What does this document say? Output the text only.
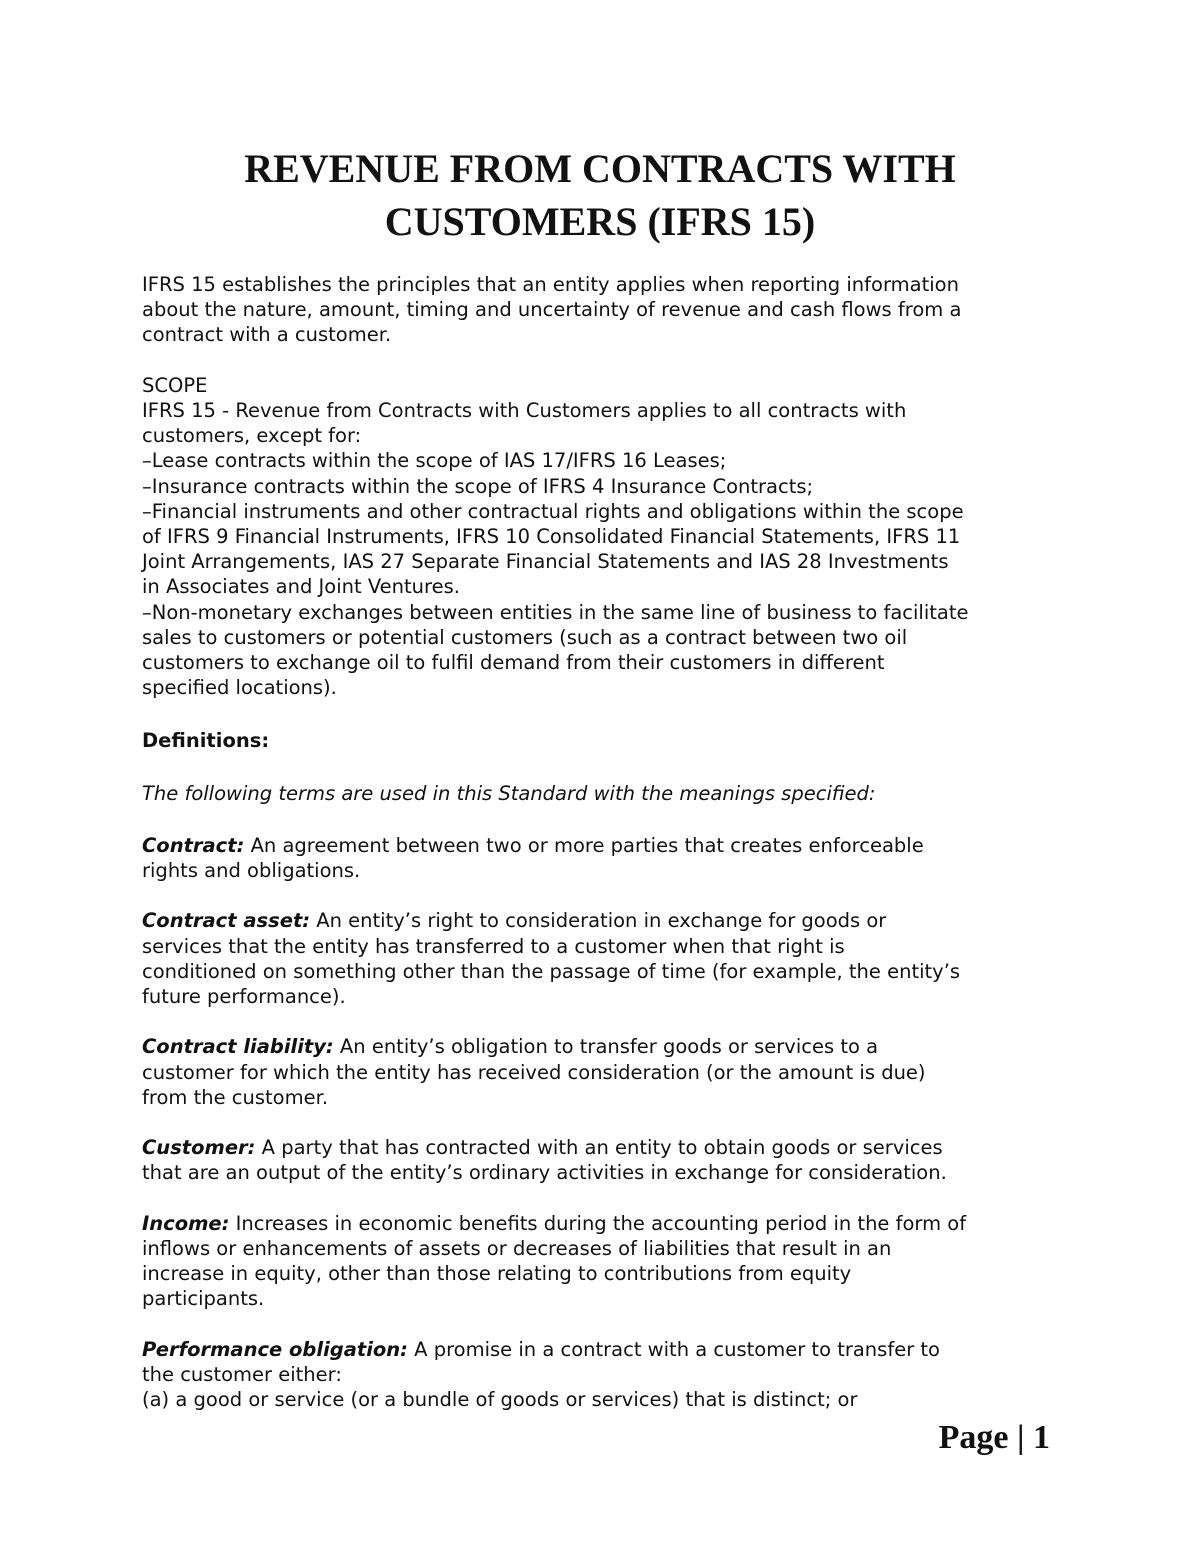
REVENUE FROM CONTRACTS WITH
CUSTOMERS (IFRS 15)

IFRS 15 establishes the principles that an entity applies when reporting information
about the nature, amount, timing and uncertainty of revenue and cash flows from a
contract with a customer.

SCOPE
IFRS 15 - Revenue from Contracts with Customers applies to all contracts with
customers, except for:
–Lease contracts within the scope of IAS 17/IFRS 16 Leases;
–Insurance contracts within the scope of IFRS 4 Insurance Contracts;
–Financial instruments and other contractual rights and obligations within the scope
of IFRS 9 Financial Instruments, IFRS 10 Consolidated Financial Statements, IFRS 11
Joint Arrangements, IAS 27 Separate Financial Statements and IAS 28 Investments
in Associates and Joint Ventures.
–Non-monetary exchanges between entities in the same line of business to facilitate
sales to customers or potential customers (such as a contract between two oil
customers to exchange oil to fulfil demand from their customers in different
specified locations).

Definitions:

The following terms are used in this Standard with the meanings specified:

Contract: An agreement between two or more parties that creates enforceable
rights and obligations.

Contract asset: An entity’s right to consideration in exchange for goods or
services that the entity has transferred to a customer when that right is
conditioned on something other than the passage of time (for example, the entity’s
future performance).

Contract liability: An entity’s obligation to transfer goods or services to a
customer for which the entity has received consideration (or the amount is due)
from the customer.

Customer: A party that has contracted with an entity to obtain goods or services
that are an output of the entity’s ordinary activities in exchange for consideration.

Income: Increases in economic benefits during the accounting period in the form of
inflows or enhancements of assets or decreases of liabilities that result in an
increase in equity, other than those relating to contributions from equity
participants.

Performance obligation: A promise in a contract with a customer to transfer to
the customer either:
(a) a good or service (or a bundle of goods or services) that is distinct; or

Page | 1
